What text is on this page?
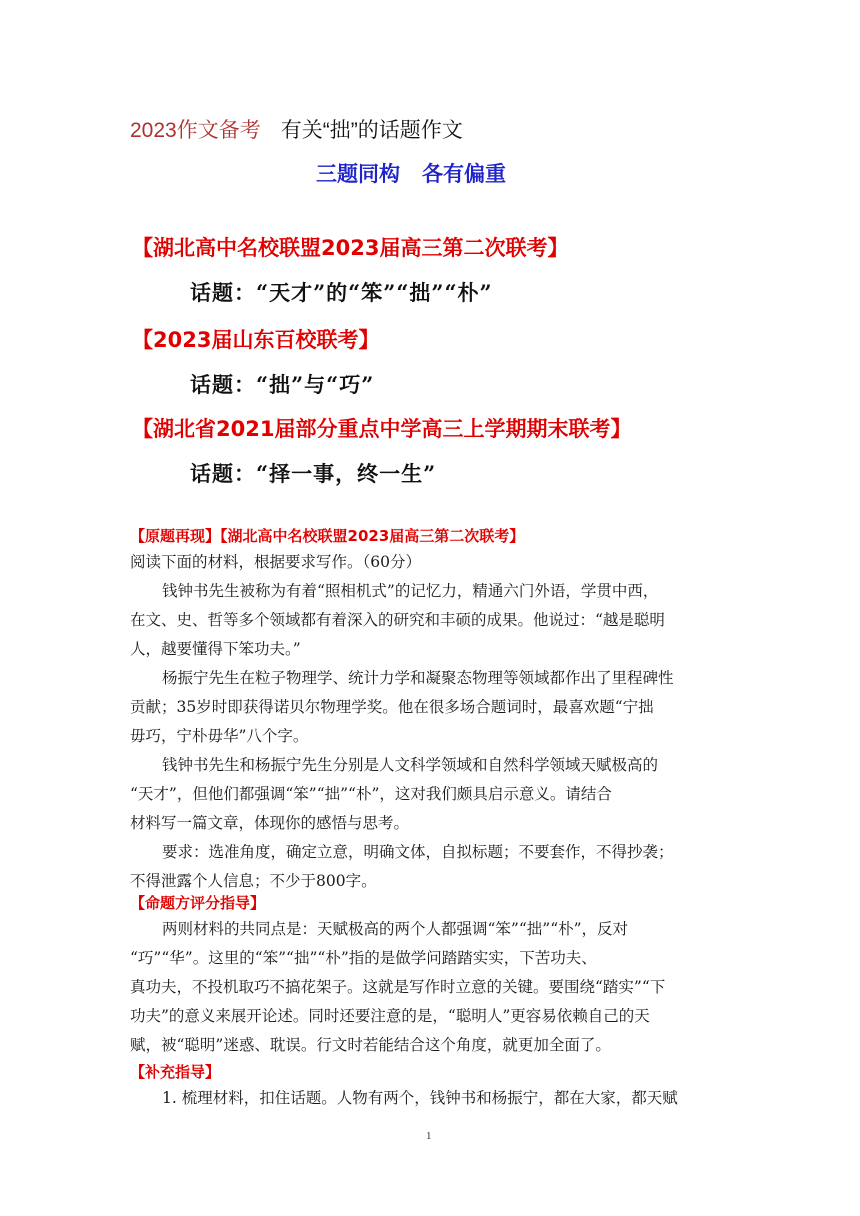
2023作文备考 有关“拙”的话题作文
三题同构 各有偏重
【湖北高中名校联盟2023届高三第二次联考】
话题：“天才”的“笨”“拙”“朴”
【2023届山东百校联考】
话题：“拙”与“巧”
【湖北省2021届部分重点中学高三上学期期末联考】
话题：“择一事，终一生”
【原题再现】【湖北高中名校联盟2023届高三第二次联考】
阅读下面的材料，根据要求写作。（60分）
钱钟书先生被称为有着“照相机式”的记忆力，精通六门外语，学贯中西，
在文、史、哲等多个领域都有着深入的研究和丰硕的成果。他说过：“越是聪明
人，越要懂得下笨功夫。”
杨振宁先生在粒子物理学、统计力学和凝聚态物理等领域都作出了里程碑性
贡献；35岁时即获得诺贝尔物理学奖。他在很多场合题词时，最喜欢题“宁拙
毋巧，宁朴毋华”八个字。
钱钟书先生和杨振宁先生分别是人文科学领域和自然科学领域天赋极高的
“天才”，但他们都强调“笨”“拙”“朴”，这对我们颇具启示意义。请结合
材料写一篇文章，体现你的感悟与思考。
要求：选准角度，确定立意，明确文体，自拟标题；不要套作，不得抄袭；
不得泄露个人信息；不少于800字。
【命题方评分指导】
两则材料的共同点是：天赋极高的两个人都强调“笨”“拙”“朴”，反对
“巧”“华”。这里的“笨”“拙”“朴”指的是做学问踏踏实实，下苦功夫、
真功夫，不投机取巧不搞花架子。这就是写作时立意的关键。要围绕“踏实”“下
功夫”的意义来展开论述。同时还要注意的是，“聪明人”更容易依赖自己的天
赋，被“聪明”迷惑、耽误。行文时若能结合这个角度，就更加全面了。
【补充指导】
1. 梳理材料，扣住话题。人物有两个，钱钟书和杨振宁，都在大家，都天赋
1
